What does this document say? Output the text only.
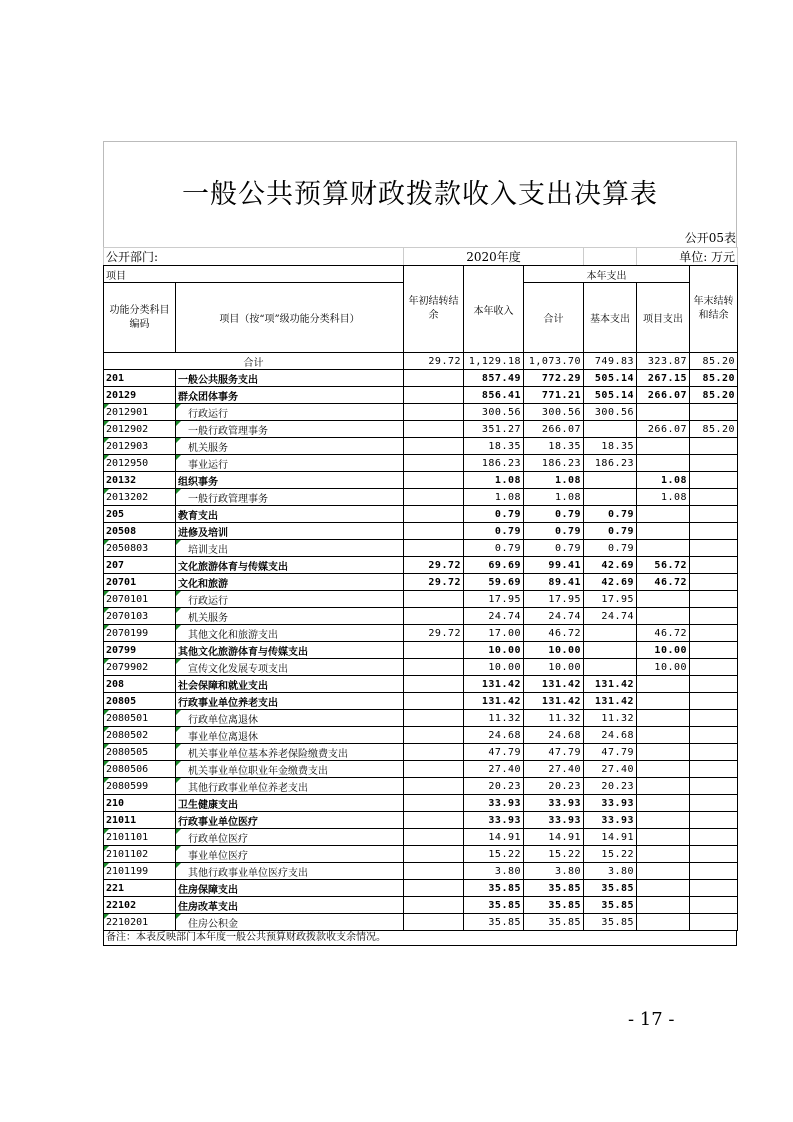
一般公共预算财政拨款收入支出决算表
公开05表
公开部门:		2020年度				单位: 万元	
项目		年初结转结余	本年收入	本年支出			年末结转和结余
功能分类科目编码	项目（按“项”级功能分类科目）			合计	基本支出	项目支出	
合计		29.72	1,129.18	1,073.70	749.83	323.87	85.20
201	一般公共服务支出		857.49	772.29	505.14	267.15	85.20
20129	群众团体事务		856.41	771.21	505.14	266.07	85.20
2012901	行政运行		300.56	300.56	300.56		
2012902	一般行政管理事务		351.27	266.07		266.07	85.20
2012903	机关服务		18.35	18.35	18.35		
2012950	事业运行		186.23	186.23	186.23		
20132	组织事务		1.08	1.08		1.08	
2013202	一般行政管理事务		1.08	1.08		1.08	
205	教育支出		0.79	0.79	0.79		
20508	进修及培训		0.79	0.79	0.79		
2050803	培训支出		0.79	0.79	0.79		
207	文化旅游体育与传媒支出	29.72	69.69	99.41	42.69	56.72	
20701	文化和旅游	29.72	59.69	89.41	42.69	46.72	
2070101	行政运行		17.95	17.95	17.95		
2070103	机关服务		24.74	24.74	24.74		
2070199	其他文化和旅游支出	29.72	17.00	46.72		46.72	
20799	其他文化旅游体育与传媒支出		10.00	10.00		10.00	
2079902	宣传文化发展专项支出		10.00	10.00		10.00	
208	社会保障和就业支出		131.42	131.42	131.42		
20805	行政事业单位养老支出		131.42	131.42	131.42		
2080501	行政单位离退休		11.32	11.32	11.32		
2080502	事业单位离退休		24.68	24.68	24.68		
2080505	机关事业单位基本养老保险缴费支出		47.79	47.79	47.79		
2080506	机关事业单位职业年金缴费支出		27.40	27.40	27.40		
2080599	其他行政事业单位养老支出		20.23	20.23	20.23		
210	卫生健康支出		33.93	33.93	33.93		
21011	行政事业单位医疗		33.93	33.93	33.93		
2101101	行政单位医疗		14.91	14.91	14.91		
2101102	事业单位医疗		15.22	15.22	15.22		
2101199	其他行政事业单位医疗支出		3.80	3.80	3.80		
221	住房保障支出		35.85	35.85	35.85		
22102	住房改革支出		35.85	35.85	35.85		
2210201	住房公积金		35.85	35.85	35.85		
备注：本表反映部门本年度一般公共预算财政拨款收支余情况。
- 17 -
